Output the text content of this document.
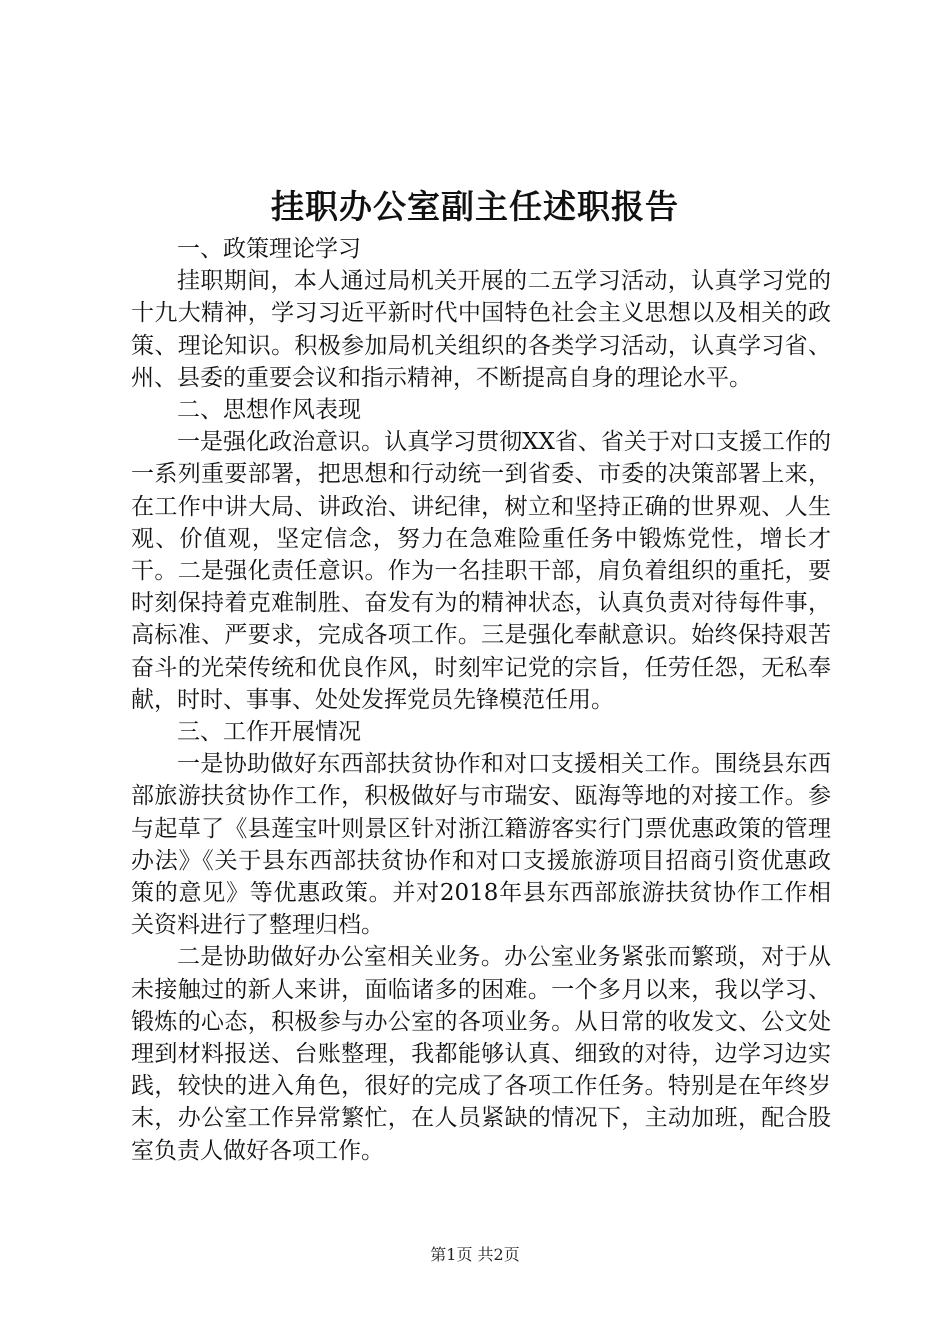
挂职办公室副主任述职报告

一、政策理论学习

挂职期间，本人通过局机关开展的二五学习活动，认真学习党的十九大精神，学习习近平新时代中国特色社会主义思想以及相关的政策、理论知识。积极参加局机关组织的各类学习活动，认真学习省、州、县委的重要会议和指示精神，不断提高自身的理论水平。

二、思想作风表现

一是强化政治意识。认真学习贯彻XX省、省关于对口支援工作的一系列重要部署，把思想和行动统一到省委、市委的决策部署上来，在工作中讲大局、讲政治、讲纪律，树立和坚持正确的世界观、人生观、价值观，坚定信念，努力在急难险重任务中锻炼党性，增长才干。二是强化责任意识。作为一名挂职干部，肩负着组织的重托，要时刻保持着克难制胜、奋发有为的精神状态，认真负责对待每件事，高标准、严要求，完成各项工作。三是强化奉献意识。始终保持艰苦奋斗的光荣传统和优良作风，时刻牢记党的宗旨，任劳任怨，无私奉献，时时、事事、处处发挥党员先锋模范任用。

三、工作开展情况

一是协助做好东西部扶贫协作和对口支援相关工作。围绕县东西部旅游扶贫协作工作，积极做好与市瑞安、瓯海等地的对接工作。参与起草了《县莲宝叶则景区针对浙江籍游客实行门票优惠政策的管理办法》《关于县东西部扶贫协作和对口支援旅游项目招商引资优惠政策的意见》等优惠政策。并对2018年县东西部旅游扶贫协作工作相关资料进行了整理归档。

二是协助做好办公室相关业务。办公室业务紧张而繁琐，对于从未接触过的新人来讲，面临诸多的困难。一个多月以来，我以学习、锻炼的心态，积极参与办公室的各项业务。从日常的收发文、公文处理到材料报送、台账整理，我都能够认真、细致的对待，边学习边实践，较快的进入角色，很好的完成了各项工作任务。特别是在年终岁末，办公室工作异常繁忙，在人员紧缺的情况下，主动加班，配合股室负责人做好各项工作。

第1页 共2页
